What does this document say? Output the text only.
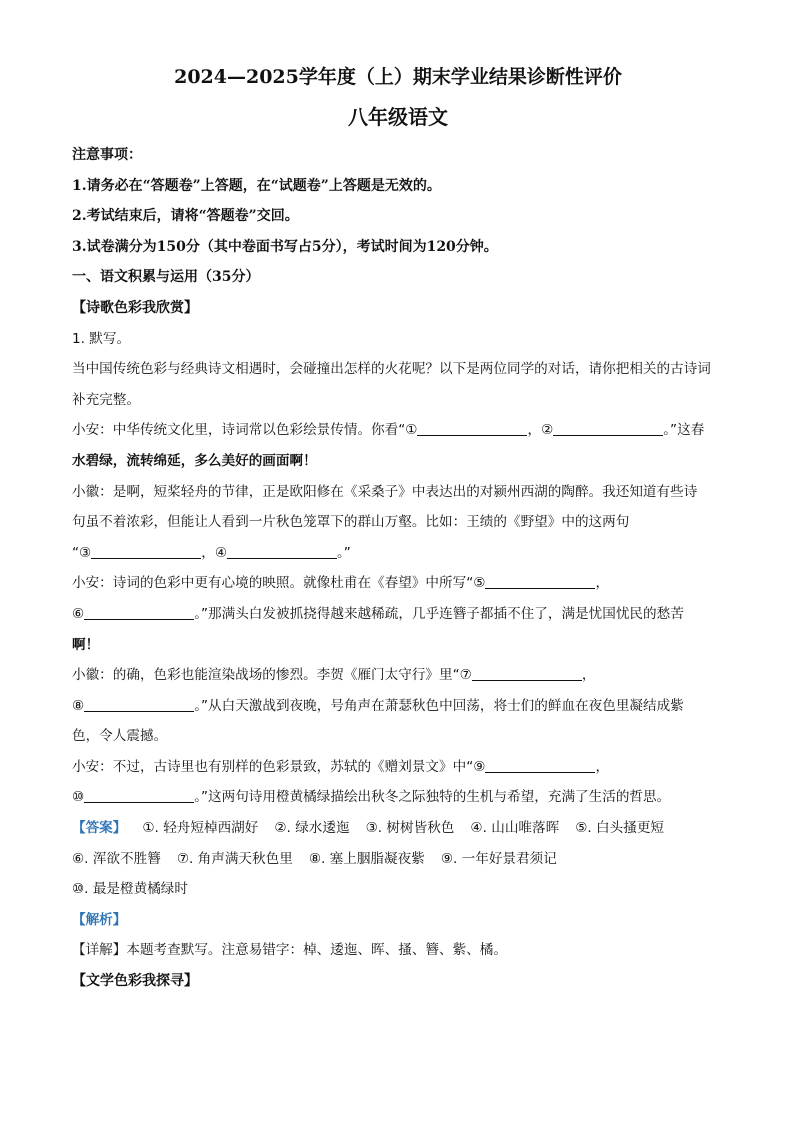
2024—2025学年度（上）期末学业结果诊断性评价

八年级语文

注意事项：

1.请务必在“答题卷”上答题，在“试题卷”上答题是无效的。

2.考试结束后，请将“答题卷”交回。

3.试卷满分为150分（其中卷面书写占5分），考试时间为120分钟。

一、语文积累与运用（35分）

【诗歌色彩我欣赏】

1. 默写。

当中国传统色彩与经典诗文相遇时，会碰撞出怎样的火花呢？以下是两位同学的对话，请你把相关的古诗词补充完整。

小安：中华传统文化里，诗词常以色彩绘景传情。你看“①	，②	。”这春

水碧绿，流转绵延，多么美好的画面啊！

小徽：是啊，短桨轻舟的节律，正是欧阳修在《采桑子》中表达出的对颍州西湖的陶醉。我还知道有些诗

句虽不着浓彩，但能让人看到一片秋色笼罩下的群山万壑。比如：王绩的《野望》中的这两句

“③	，④	。”

小安：诗词的色彩中更有心境的映照。就像杜甫在《春望》中所写“⑤	，

⑥	。”那满头白发被抓挠得越来越稀疏，几乎连簪子都插不住了，满是忧国忧民的愁苦

啊！

小徽：的确，色彩也能渲染战场的惨烈。李贺《雁门太守行》里“⑦	，

⑧	。”从白天激战到夜晚，号角声在萧瑟秋色中回荡，将士们的鲜血在夜色里凝结成紫

色，令人震撼。

小安：不过，古诗里也有别样的色彩景致，苏轼的《赠刘景文》中“⑨	，

⑩	。”这两句诗用橙黄橘绿描绘出秋冬之际独特的生机与希望，充满了生活的哲思。

【答案】 ①. 轻舟短棹西湖好 ②. 绿水逶迤 ③. 树树皆秋色 ④. 山山唯落晖 ⑤. 白头搔更短

⑥. 浑欲不胜簪 ⑦. 角声满天秋色里 ⑧. 塞上胭脂凝夜紫 ⑨. 一年好景君须记

⑩. 最是橙黄橘绿时

【解析】

【详解】本题考查默写。注意易错字：棹、逶迤、晖、搔、簪、紫、橘。

【文学色彩我探寻】
